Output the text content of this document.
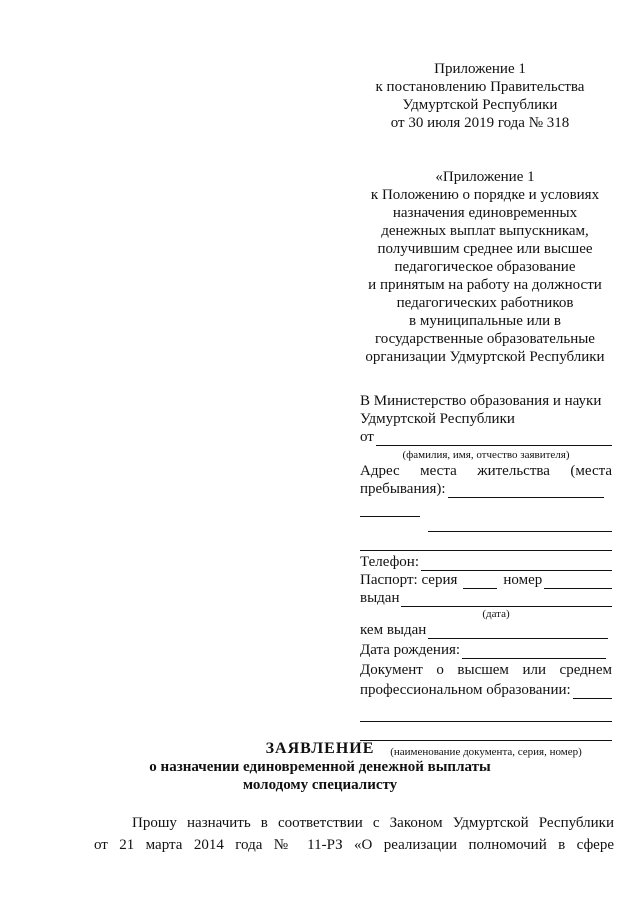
Приложение 1
к постановлению Правительства
Удмуртской Республики
от 30 июля 2019 года № 318
«Приложение 1
к Положению о порядке и условиях
назначения единовременных
денежных выплат выпускникам,
получившим среднее или высшее
педагогическое образование
и принятым на работу на должности
педагогических работников
в муниципальные или в
государственные образовательные
организации Удмуртской Республики
В Министерство образования и науки
Удмуртской Республики
от
(фамилия, имя, отчество заявителя)
Адрес места жительства (места
пребывания):
Телефон:
Паспорт: серия	номер
выдан
(дата)
кем выдан
Дата рождения:
Документ о высшем или среднем
профессиональном образовании:
(наименование документа, серия, номер)
ЗАЯВЛЕНИЕ
о назначении единовременной денежной выплаты
молодому специалисту
Прошу назначить в соответствии с Законом Удмуртской Республики
от 21 марта 2014 года № 11-РЗ «О реализации полномочий в сфере
